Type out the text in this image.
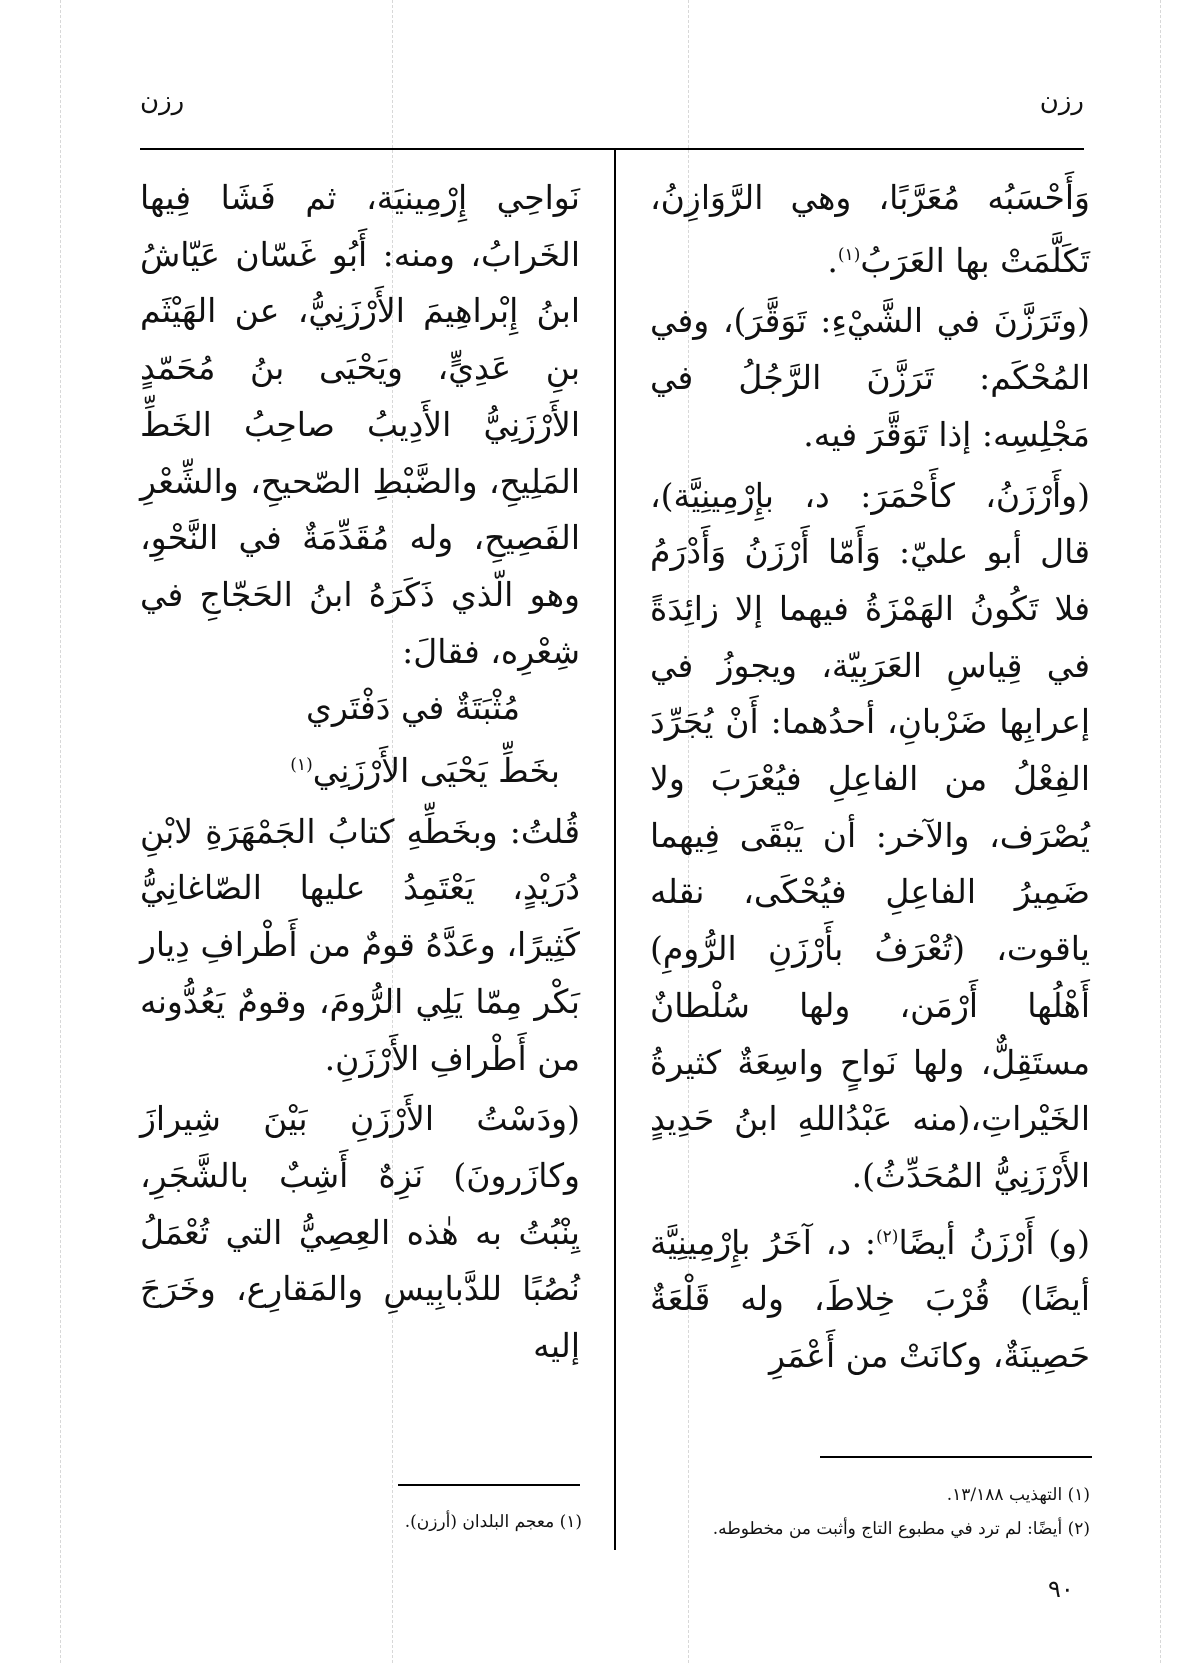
رزن	رزن

وَأَحْسَبُه مُعَرَّبًا، وهي الرَّوَازِنُ، تَكَلَّمَتْ بها العَرَبُ$^{(١)}$.

(وتَرَزَّنَ في الشَّيْءِ: تَوَقَّرَ)، وفي المُحْكَم: تَرَزَّنَ الرَّجُلُ في مَجْلِسِه: إذا تَوَقَّرَ فيه.

(وأَرْزَنُ، كأَحْمَرَ: د، بإِرْمِينِيَّة)، قال أبو عليّ: وَأَمّا أَرْزَنُ وَأَدْرَمُ فلا تَكُونُ الهَمْزَةُ فيهما إلا زائِدَةً في قِياسِ العَرَبِيّة، ويجوزُ في إعرابِها ضَرْبانِ، أحدُهما: أَنْ يُجَرِّدَ الفِعْلُ من الفاعِلِ فيُعْرَبَ ولا يُصْرَف، والآخر: أن يَبْقَى فِيهما ضَمِيرُ الفاعِلِ فيُحْكَى، نقله ياقوت، (تُعْرَفُ بأَرْزَنِ الرُّومِ) أَهْلُها أَرْمَن، ولها سُلْطانٌ مستَقِلٌّ، ولها نَواحٍ واسِعَةٌ كثيرةُ الخَيْراتِ،(منه عَبْدُاللهِ ابنُ حَدِيدٍ الأَرْزَنِيُّ المُحَدِّثُ).

(و) أَرْزَنُ أيضًا$^{(٢)}$: د، آخَرُ بإِرْمِينِيَّة أيضًا) قُرْبَ خِلاطَ، وله قَلْعَةٌ حَصِينَةٌ، وكانَتْ من أَعْمَرِ

نَواحِي إِرْمِينيَة، ثم فَشَا فِيها الخَرابُ، ومنه: أَبُو غَسّان عَيّاشُ ابنُ إِبْراهِيمَ الأَرْزَنِيُّ، عن الهَيْثَم بنِ عَدِيٍّ، ويَحْيَى بنُ مُحَمّدٍ الأَرْزَنِيُّ الأَدِيبُ صاحِبُ الخَطِّ المَلِيحِ، والضَّبْطِ الصّحيحِ، والشِّعْرِ الفَصِيحِ، وله مُقَدِّمَةٌ في النَّحْوِ، وهو الّذي ذَكَرَهُ ابنُ الحَجّاجِ في شِعْرِه، فقالَ:

مُثْبَتَةٌ في دَفْتَري
بخَطِّ يَحْيَى الأَرْزَنِي$^{(١)}$

قُلتُ: وبخَطِّهِ كتابُ الجَمْهَرَةِ لابْنِ دُرَيْدٍ، يَعْتَمِدُ عليها الصّاغانِيُّ كَثِيرًا، وعَدَّهُ قومٌ من أَطْرافِ دِيار بَكْر مِمّا يَلِي الرُّومَ، وقومٌ يَعُدُّونه من أَطْرافِ الأَرْزَنِ.

(ودَسْتُ الأَرْزَنِ بَيْنَ شِيرازَ وكازَرونَ) نَزِهٌ أَشِبٌ بالشَّجَرِ، يِنْبُتُ به هٰذه العِصِيُّ التي تُعْمَلُ نُصُبًا للدَّبابِيسِ والمَقارِع، وخَرَجَ إليه

(١) التهذيب ١٣/١٨٨.
(٢) أيضًا: لم ترد في مطبوع التاج وأثبت من مخطوطه.
(١) معجم البلدان (أرزن).
٩٠
